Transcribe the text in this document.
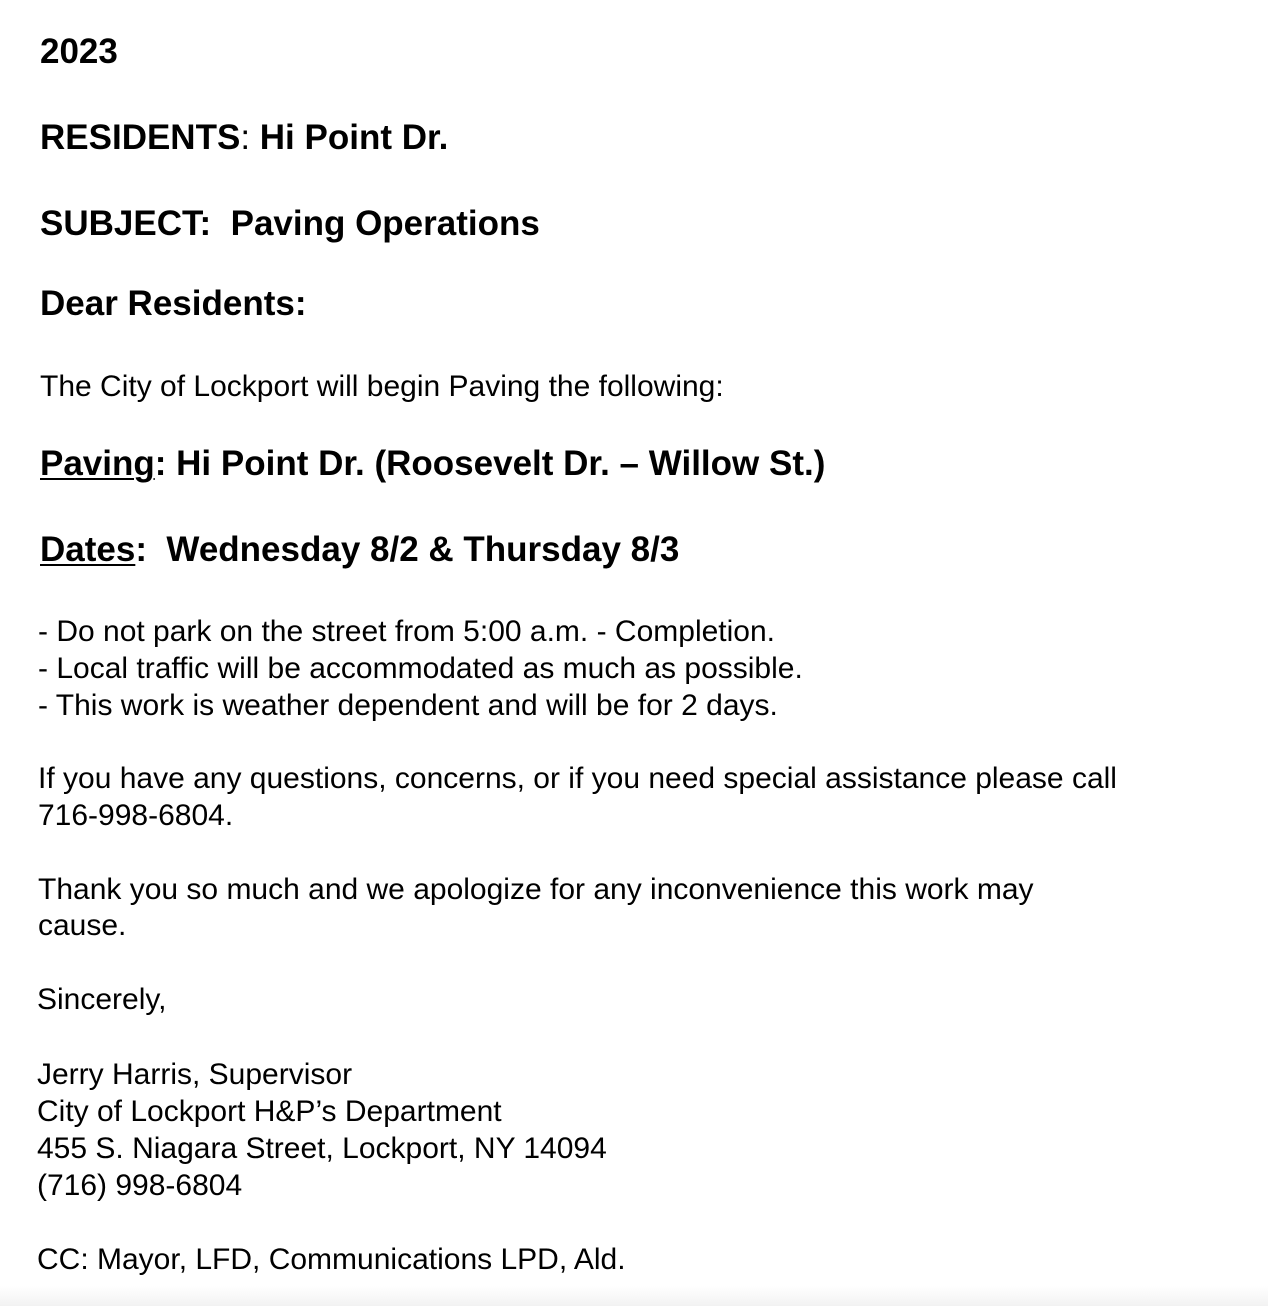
2023
RESIDENTS: Hi Point Dr.
SUBJECT: Paving Operations
Dear Residents:
The City of Lockport will begin Paving the following:
Paving: Hi Point Dr. (Roosevelt Dr. – Willow St.)
Dates:  Wednesday 8/2 & Thursday 8/3
- Do not park on the street from 5:00 a.m. - Completion.
- Local traffic will be accommodated as much as possible.
- This work is weather dependent and will be for 2 days.
If you have any questions, concerns, or if you need special assistance please call
716-998-6804.
Thank you so much and we apologize for any inconvenience this work may
cause.
Sincerely,
Jerry Harris, Supervisor
City of Lockport H&P’s Department
455 S. Niagara Street, Lockport, NY 14094
(716) 998-6804
CC: Mayor, LFD, Communications LPD, Ald.
